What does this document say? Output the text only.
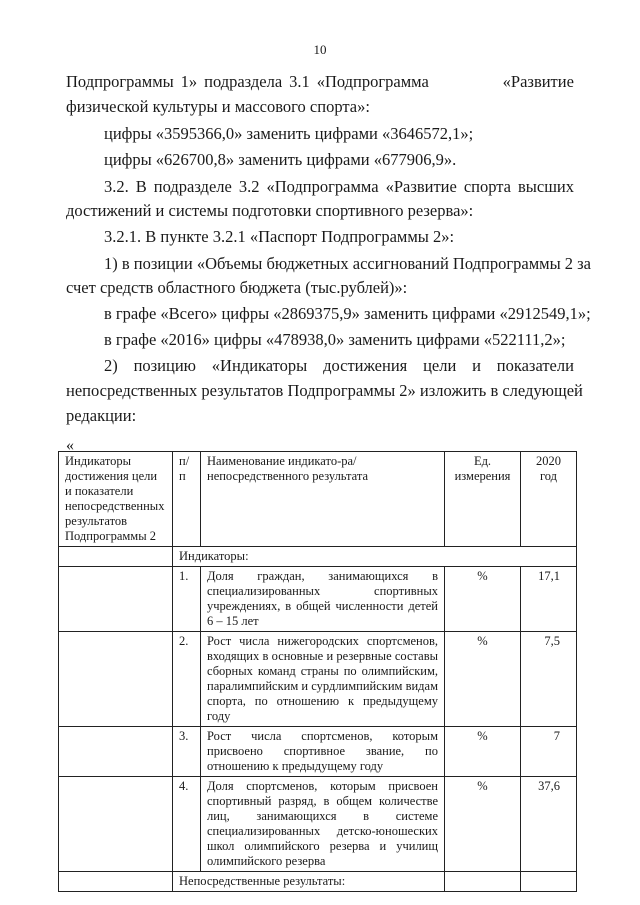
10
Подпрограммы 1» подраздела 3.1 «Подпрограмма	«Развитие
физической культуры и массового спорта»:
цифры «3595366,0» заменить цифрами «3646572,1»;
цифры «626700,8» заменить цифрами «677906,9».
3.2. В подразделе 3.2 «Подпрограмма «Развитие спорта высших
достижений и системы подготовки спортивного резерва»:
3.2.1. В пункте 3.2.1 «Паспорт Подпрограммы 2»:
1) в позиции «Объемы бюджетных ассигнований Подпрограммы 2 за
счет средств областного бюджета (тыс.рублей)»:
в графе «Всего» цифры «2869375,9» заменить цифрами «2912549,1»;
в графе «2016» цифры «478938,0» заменить цифрами «522111,2»;
2) позицию «Индикаторы достижения цели и показатели
непосредственных результатов Подпрограммы 2» изложить в следующей
редакции:
«
Индикаторы достижения цели и показатели непосредственных результатов Подпрограммы 2	п/п	Наименование индикато-ра/непосредственного результата	Ед. измерения	2020 год
	Индикаторы:			
	1.	Доля граждан, занимающихся в специализированных спортивных учреждениях, в общей численности детей 6 – 15 лет	%	17,1
	2.	Рост числа нижегородских спортсменов, входящих в основные и резервные составы сборных команд страны по олимпийским, паралимпийским и сурдлимпийским видам спорта, по отношению к предыдущему году	%	7,5
	3.	Рост числа спортсменов, которым присвоено спортивное звание, по отношению к предыдущему году	%	7
	4.	Доля спортсменов, которым присвоен спортивный разряд, в общем количестве лиц, занимающихся в системе специализированных детско-юношеских школ олимпийского резерва и училищ олимпийского резерва	%	37,6
	Непосредственные результаты:			
